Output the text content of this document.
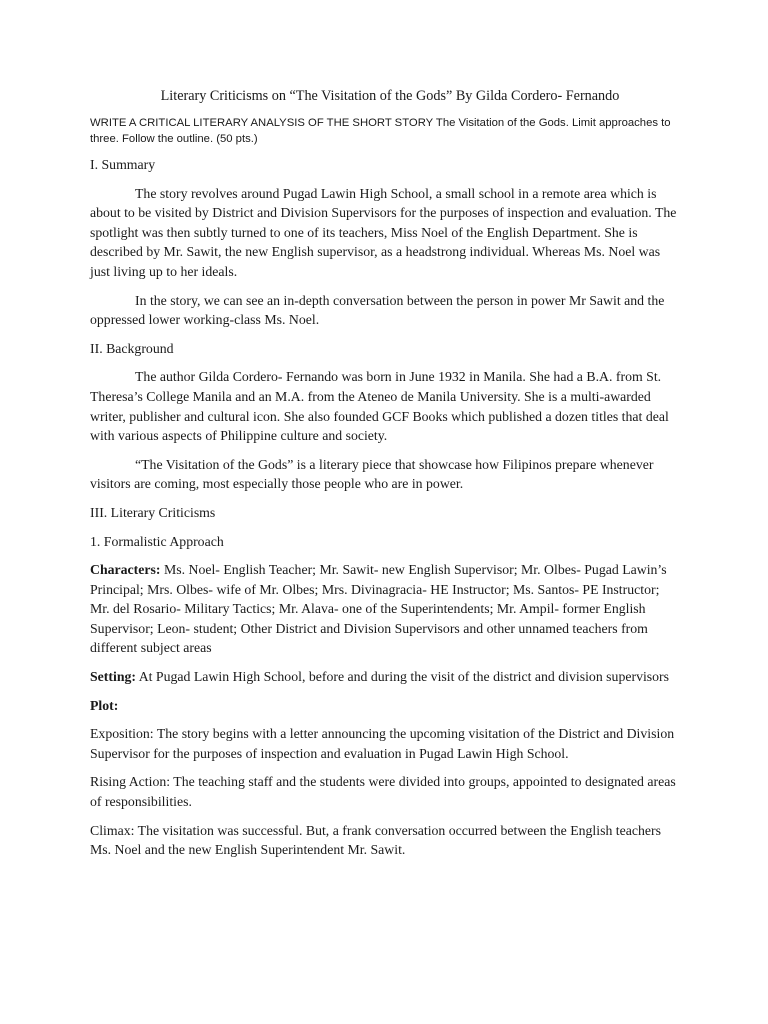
Literary Criticisms on “The Visitation of the Gods” By Gilda Cordero- Fernando
WRITE A CRITICAL LITERARY ANALYSIS OF THE SHORT STORY The Visitation of the Gods. Limit approaches to three. Follow the outline. (50 pts.)

I. Summary

The story revolves around Pugad Lawin High School, a small school in a remote area which is about to be visited by District and Division Supervisors for the purposes of inspection and evaluation. The spotlight was then subtly turned to one of its teachers, Miss Noel of the English Department. She is described by Mr. Sawit, the new English supervisor, as a headstrong individual. Whereas Ms. Noel was just living up to her ideals.

In the story, we can see an in-depth conversation between the person in power Mr Sawit and the oppressed lower working-class Ms. Noel.

II. Background

The author Gilda Cordero- Fernando was born in June 1932 in Manila. She had a B.A. from St. Theresa’s College Manila and an M.A. from the Ateneo de Manila University. She is a multi-awarded writer, publisher and cultural icon. She also founded GCF Books which published a dozen titles that deal with various aspects of Philippine culture and society.

“The Visitation of the Gods” is a literary piece that showcase how Filipinos prepare whenever visitors are coming, most especially those people who are in power.

III. Literary Criticisms

1. Formalistic Approach

Characters: Ms. Noel- English Teacher; Mr. Sawit- new English Supervisor; Mr. Olbes- Pugad Lawin’s Principal; Mrs. Olbes- wife of Mr. Olbes; Mrs. Divinagracia- HE Instructor; Ms. Santos- PE Instructor; Mr. del Rosario- Military Tactics; Mr. Alava- one of the Superintendents; Mr. Ampil- former English Supervisor; Leon- student; Other District and Division Supervisors and other unnamed teachers from different subject areas

Setting: At Pugad Lawin High School, before and during the visit of the district and division supervisors

Plot:

Exposition: The story begins with a letter announcing the upcoming visitation of the District and Division Supervisor for the purposes of inspection and evaluation in Pugad Lawin High School.

Rising Action: The teaching staff and the students were divided into groups, appointed to designated areas of responsibilities.

Climax: The visitation was successful. But, a frank conversation occurred between the English teachers Ms. Noel and the new English Superintendent Mr. Sawit.
